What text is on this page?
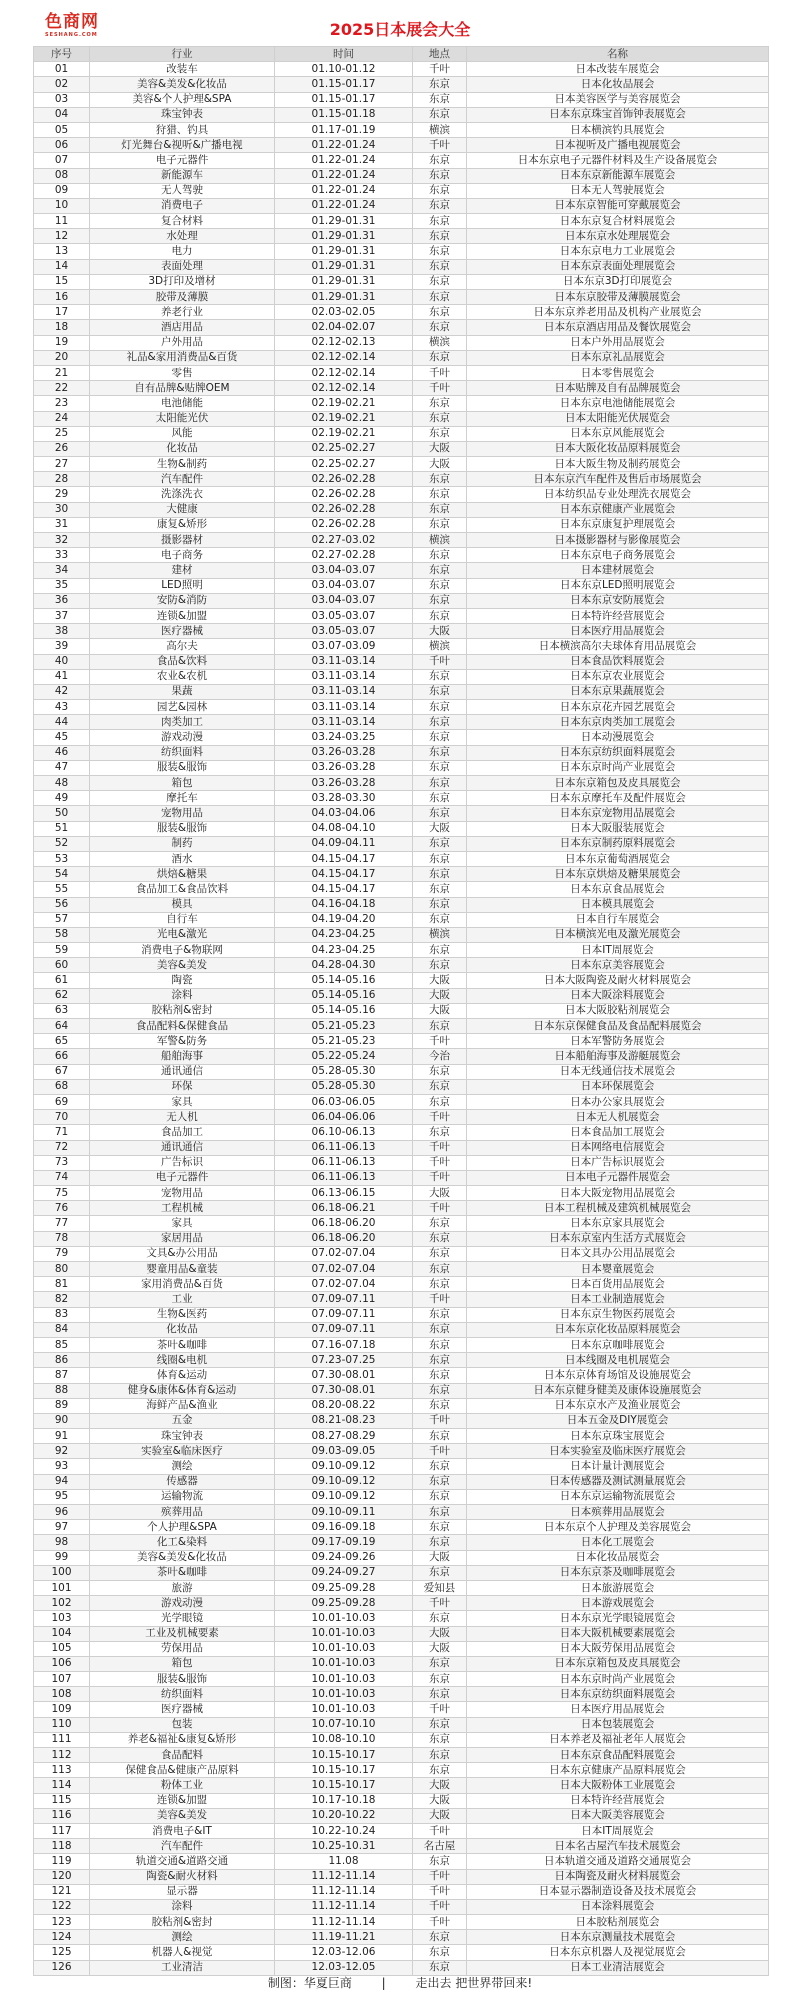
色商网
SESHANG.COM	2025日本展会大全
序号	行业	时间	地点	名称
01	改装车	01.10-01.12	千叶	日本改装车展览会
02	美容&美发&化妆品	01.15-01.17	东京	日本化妆品展会
03	美容&个人护理&SPA	01.15-01.17	东京	日本美容医学与美容展览会
04	珠宝钟表	01.15-01.18	东京	日本东京珠宝首饰钟表展览会
05	狩猎、钓具	01.17-01.19	横滨	日本横滨钓具展览会
06	灯光舞台&视听&广播电视	01.22-01.24	千叶	日本视听及广播电视展览会
07	电子元器件	01.22-01.24	东京	日本东京电子元器件材料及生产设备展览会
08	新能源车	01.22-01.24	东京	日本东京新能源车展览会
09	无人驾驶	01.22-01.24	东京	日本无人驾驶展览会
10	消费电子	01.22-01.24	东京	日本东京智能可穿戴展览会
11	复合材料	01.29-01.31	东京	日本东京复合材料展览会
12	水处理	01.29-01.31	东京	日本东京水处理展览会
13	电力	01.29-01.31	东京	日本东京电力工业展览会
14	表面处理	01.29-01.31	东京	日本东京表面处理展览会
15	3D打印及增材	01.29-01.31	东京	日本东京3D打印展览会
16	胶带及薄膜	01.29-01.31	东京	日本东京胶带及薄膜展览会
17	养老行业	02.03-02.05	东京	日本东京养老用品及机构产业展览会
18	酒店用品	02.04-02.07	东京	日本东京酒店用品及餐饮展览会
19	户外用品	02.12-02.13	横滨	日本户外用品展览会
20	礼品&家用消费品&百货	02.12-02.14	东京	日本东京礼品展览会
21	零售	02.12-02.14	千叶	日本零售展览会
22	自有品牌&贴牌OEM	02.12-02.14	千叶	日本贴牌及自有品牌展览会
23	电池储能	02.19-02.21	东京	日本东京电池储能展览会
24	太阳能光伏	02.19-02.21	东京	日本太阳能光伏展览会
25	风能	02.19-02.21	东京	日本东京风能展览会
26	化妆品	02.25-02.27	大阪	日本大阪化妆品原料展览会
27	生物&制药	02.25-02.27	大阪	日本大阪生物及制药展览会
28	汽车配件	02.26-02.28	东京	日本东京汽车配件及售后市场展览会
29	洗涤洗衣	02.26-02.28	东京	日本纺织品专业处理洗衣展览会
30	大健康	02.26-02.28	东京	日本东京健康产业展览会
31	康复&矫形	02.26-02.28	东京	日本东京康复护理展览会
32	摄影器材	02.27-03.02	横滨	日本摄影器材与影像展览会
33	电子商务	02.27-02.28	东京	日本东京电子商务展览会
34	建材	03.04-03.07	东京	日本建材展览会
35	LED照明	03.04-03.07	东京	日本东京LED照明展览会
36	安防&消防	03.04-03.07	东京	日本东京安防展览会
37	连锁&加盟	03.05-03.07	东京	日本特许经营展览会
38	医疗器械	03.05-03.07	大阪	日本医疗用品展览会
39	高尔夫	03.07-03.09	横滨	日本横滨高尔夫球体育用品展览会
40	食品&饮料	03.11-03.14	千叶	日本食品饮料展览会
41	农业&农机	03.11-03.14	东京	日本东京农业展览会
42	果蔬	03.11-03.14	东京	日本东京果蔬展览会
43	园艺&园林	03.11-03.14	东京	日本东京花卉园艺展览会
44	肉类加工	03.11-03.14	东京	日本东京肉类加工展览会
45	游戏动漫	03.24-03.25	东京	日本动漫展览会
46	纺织面料	03.26-03.28	东京	日本东京纺织面料展览会
47	服装&服饰	03.26-03.28	东京	日本东京时尚产业展览会
48	箱包	03.26-03.28	东京	日本东京箱包及皮具展览会
49	摩托车	03.28-03.30	东京	日本东京摩托车及配件展览会
50	宠物用品	04.03-04.06	东京	日本东京宠物用品展览会
51	服装&服饰	04.08-04.10	大阪	日本大阪服装展览会
52	制药	04.09-04.11	东京	日本东京制药原料展览会
53	酒水	04.15-04.17	东京	日本东京葡萄酒展览会
54	烘焙&糖果	04.15-04.17	东京	日本东京烘焙及糖果展览会
55	食品加工&食品饮料	04.15-04.17	东京	日本东京食品展览会
56	模具	04.16-04.18	东京	日本模具展览会
57	自行车	04.19-04.20	东京	日本自行车展览会
58	光电&激光	04.23-04.25	横滨	日本横滨光电及激光展览会
59	消费电子&物联网	04.23-04.25	东京	日本IT周展览会
60	美容&美发	04.28-04.30	东京	日本东京美容展览会
61	陶瓷	05.14-05.16	大阪	日本大阪陶瓷及耐火材料展览会
62	涂料	05.14-05.16	大阪	日本大阪涂料展览会
63	胶粘剂&密封	05.14-05.16	大阪	日本大阪胶粘剂展览会
64	食品配料&保健食品	05.21-05.23	东京	日本东京保健食品及食品配料展览会
65	军警&防务	05.21-05.23	千叶	日本军警防务展览会
66	船舶海事	05.22-05.24	今治	日本船舶海事及游艇展览会
67	通讯通信	05.28-05.30	东京	日本无线通信技术展览会
68	环保	05.28-05.30	东京	日本环保展览会
69	家具	06.03-06.05	东京	日本办公家具展览会
70	无人机	06.04-06.06	千叶	日本无人机展览会
71	食品加工	06.10-06.13	东京	日本食品加工展览会
72	通讯通信	06.11-06.13	千叶	日本网络电信展览会
73	广告标识	06.11-06.13	千叶	日本广告标识展览会
74	电子元器件	06.11-06.13	千叶	日本电子元器件展览会
75	宠物用品	06.13-06.15	大阪	日本大阪宠物用品展览会
76	工程机械	06.18-06.21	千叶	日本工程机械及建筑机械展览会
77	家具	06.18-06.20	东京	日本东京家具展览会
78	家居用品	06.18-06.20	东京	日本东京室内生活方式展览会
79	文具&办公用品	07.02-07.04	东京	日本文具办公用品展览会
80	婴童用品&童装	07.02-07.04	东京	日本婴童展览会
81	家用消费品&百货	07.02-07.04	东京	日本百货用品展览会
82	工业	07.09-07.11	千叶	日本工业制造展览会
83	生物&医药	07.09-07.11	东京	日本东京生物医药展览会
84	化妆品	07.09-07.11	东京	日本东京化妆品原料展览会
85	茶叶&咖啡	07.16-07.18	东京	日本东京咖啡展览会
86	线圈&电机	07.23-07.25	东京	日本线圈及电机展览会
87	体育&运动	07.30-08.01	东京	日本东京体育场馆及设施展览会
88	健身&康体&体育&运动	07.30-08.01	东京	日本东京健身健美及康体设施展览会
89	海鲜产品&渔业	08.20-08.22	东京	日本东京水产及渔业展览会
90	五金	08.21-08.23	千叶	日本五金及DIY展览会
91	珠宝钟表	08.27-08.29	东京	日本东京珠宝展览会
92	实验室&临床医疗	09.03-09.05	千叶	日本实验室及临床医疗展览会
93	测绘	09.10-09.12	东京	日本计量计测展览会
94	传感器	09.10-09.12	东京	日本传感器及测试测量展览会
95	运输物流	09.10-09.12	东京	日本东京运输物流展览会
96	殡葬用品	09.10-09.11	东京	日本殡葬用品展览会
97	个人护理&SPA	09.16-09.18	东京	日本东京个人护理及美容展览会
98	化工&染料	09.17-09.19	东京	日本化工展览会
99	美容&美发&化妆品	09.24-09.26	大阪	日本化妆品展览会
100	茶叶&咖啡	09.24-09.27	东京	日本东京茶及咖啡展览会
101	旅游	09.25-09.28	爱知县	日本旅游展览会
102	游戏动漫	09.25-09.28	千叶	日本游戏展览会
103	光学眼镜	10.01-10.03	东京	日本东京光学眼镜展览会
104	工业及机械要素	10.01-10.03	大阪	日本大阪机械要素展览会
105	劳保用品	10.01-10.03	大阪	日本大阪劳保用品展览会
106	箱包	10.01-10.03	东京	日本东京箱包及皮具展览会
107	服装&服饰	10.01-10.03	东京	日本东京时尚产业展览会
108	纺织面料	10.01-10.03	东京	日本东京纺织面料展览会
109	医疗器械	10.01-10.03	千叶	日本医疗用品展览会
110	包装	10.07-10.10	东京	日本包装展览会
111	养老&福祉&康复&矫形	10.08-10.10	东京	日本养老及福祉老年人展览会
112	食品配料	10.15-10.17	东京	日本东京食品配料展览会
113	保健食品&健康产品原料	10.15-10.17	东京	日本东京健康产品原料展览会
114	粉体工业	10.15-10.17	大阪	日本大阪粉体工业展览会
115	连锁&加盟	10.17-10.18	大阪	日本特许经营展览会
116	美容&美发	10.20-10.22	大阪	日本大阪美容展览会
117	消费电子&IT	10.22-10.24	千叶	日本IT周展览会
118	汽车配件	10.25-10.31	名古屋	日本名古屋汽车技术展览会
119	轨道交通&道路交通	11.08	东京	日本轨道交通及道路交通展览会
120	陶瓷&耐火材料	11.12-11.14	千叶	日本陶瓷及耐火材料展览会
121	显示器	11.12-11.14	千叶	日本显示器制造设备及技术展览会
122	涂料	11.12-11.14	千叶	日本涂料展览会
123	胶粘剂&密封	11.12-11.14	千叶	日本胶粘剂展览会
124	测绘	11.19-11.21	东京	日本东京测量技术展览会
125	机器人&视觉	12.03-12.06	东京	日本东京机器人及视觉展览会
126	工业清洁	12.03-12.05	东京	日本工业清洁展览会
制图：华夏巨商 | 走出去 把世界带回来!
